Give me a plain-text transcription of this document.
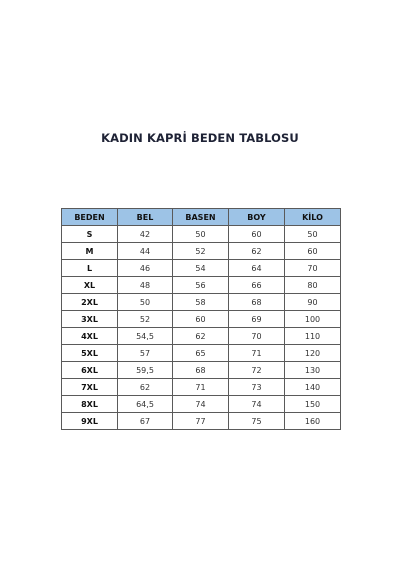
KADIN KAPRİ BEDEN TABLOSU
BEDEN	BEL	BASEN	BOY	KİLO
S	42	50	60	50
M	44	52	62	60
L	46	54	64	70
XL	48	56	66	80
2XL	50	58	68	90
3XL	52	60	69	100
4XL	54,5	62	70	110
5XL	57	65	71	120
6XL	59,5	68	72	130
7XL	62	71	73	140
8XL	64,5	74	74	150
9XL	67	77	75	160
